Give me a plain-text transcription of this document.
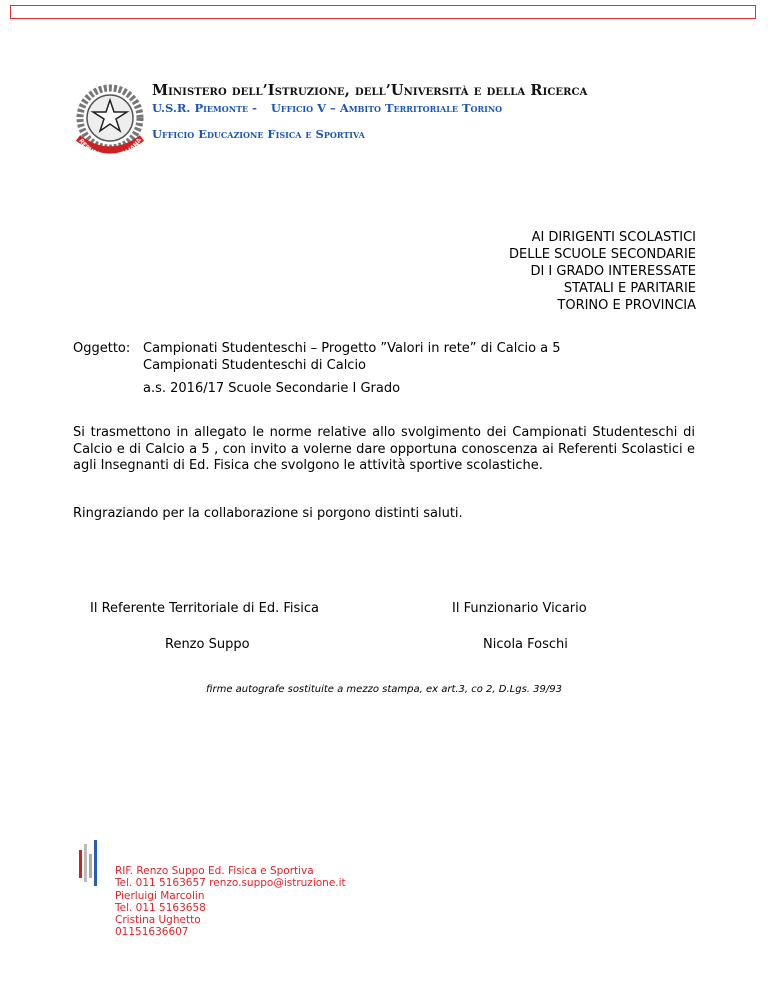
REPUBBLICA ITALIANA
Ministero dell’Istruzione, dell’Università e della Ricerca
U.S.R. Piemonte - Ufficio V – Ambito Territoriale Torino
Ufficio Educazione Fisica e Sportiva
AI DIRIGENTI SCOLASTICI
DELLE SCUOLE SECONDARIE
DI I GRADO INTERESSATE
STATALI E PARITARIE
TORINO E PROVINCIA
Oggetto: Campionati Studenteschi – Progetto ”Valori in rete” di Calcio a 5
Campionati Studenteschi di Calcio
a.s. 2016/17 Scuole Secondarie I Grado
Si trasmettono in allegato le norme relative allo svolgimento dei Campionati Studenteschi di Calcio e di Calcio a 5 , con invito a volerne dare opportuna conoscenza ai Referenti Scolastici e agli Insegnanti di Ed. Fisica che svolgono le attività sportive scolastiche.
Ringraziando per la collaborazione si porgono distinti saluti.
Il Referente Territoriale di Ed. Fisica
Renzo Suppo
Il Funzionario Vicario
Nicola Foschi
firme autografe sostituite a mezzo stampa, ex art.3, co 2, D.Lgs. 39/93
RIF. Renzo Suppo Ed. Fisica e Sportiva
Tel. 011 5163657 renzo.suppo@istruzione.it
Pierluigi Marcolin
Tel. 011 5163658
Cristina Ughetto
01151636607
